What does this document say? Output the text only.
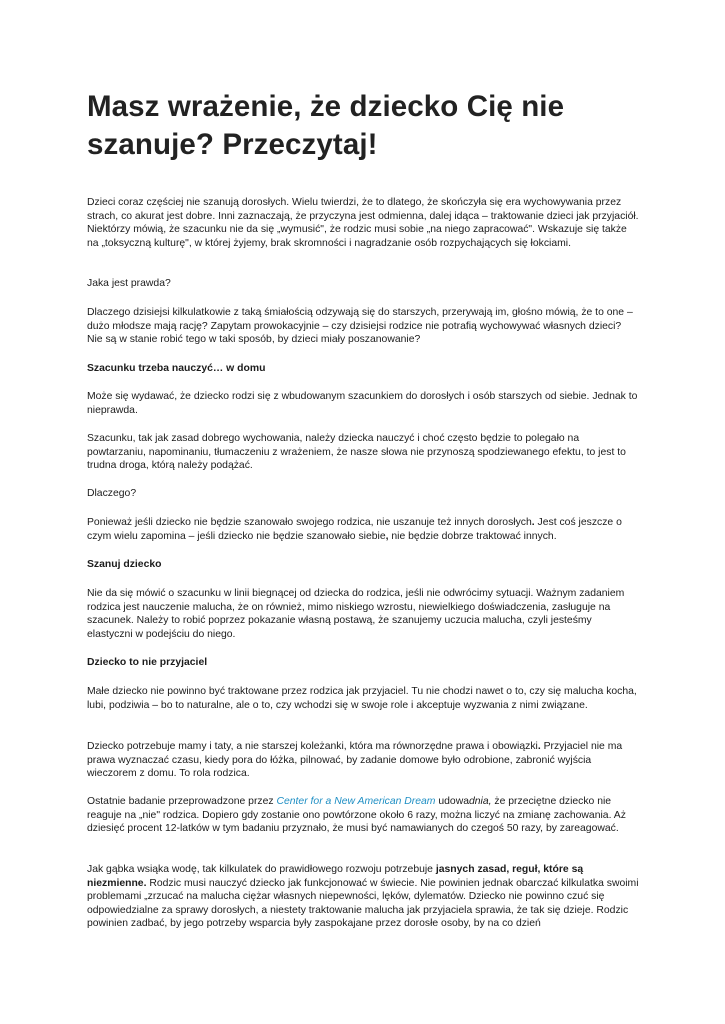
Masz wrażenie, że dziecko Cię nie szanuje? Przeczytaj!

Dzieci coraz częściej nie szanują dorosłych. Wielu twierdzi, że to dlatego, że skończyła się era wychowywania przez strach, co akurat jest dobre. Inni zaznaczają, że przyczyna jest odmienna, dalej idąca – traktowanie dzieci jak przyjaciół. Niektórzy mówią, że szacunku nie da się „wymusić", że rodzic musi sobie „na niego zapracować". Wskazuje się także na „toksyczną kulturę", w której żyjemy, brak skromności i nagradzanie osób rozpychających się łokciami.

Jaka jest prawda?

Dlaczego dzisiejsi kilkulatkowie z taką śmiałością odzywają się do starszych, przerywają im, głośno mówią, że to one – dużo młodsze mają rację? Zapytam prowokacyjnie – czy dzisiejsi rodzice nie potrafią wychowywać własnych dzieci? Nie są w stanie robić tego w taki sposób, by dzieci miały poszanowanie?

Szacunku trzeba nauczyć… w domu

Może się wydawać, że dziecko rodzi się z wbudowanym szacunkiem do dorosłych i osób starszych od siebie. Jednak to nieprawda.

Szacunku, tak jak zasad dobrego wychowania, należy dziecka nauczyć i choć często będzie to polegało na powtarzaniu, napominaniu, tłumaczeniu z wrażeniem, że nasze słowa nie przynoszą spodziewanego efektu, to jest to trudna droga, którą należy podążać.

Dlaczego?

Ponieważ jeśli dziecko nie będzie szanowało swojego rodzica, nie uszanuje też innych dorosłych. Jest coś jeszcze o czym wielu zapomina – jeśli dziecko nie będzie szanowało siebie, nie będzie dobrze traktować innych.

Szanuj dziecko

Nie da się mówić o szacunku w linii biegnącej od dziecka do rodzica, jeśli nie odwrócimy sytuacji. Ważnym zadaniem rodzica jest nauczenie malucha, że on również, mimo niskiego wzrostu, niewielkiego doświadczenia, zasługuje na szacunek. Należy to robić poprzez pokazanie własną postawą, że szanujemy uczucia malucha, czyli jesteśmy elastyczni w podejściu do niego.

Dziecko to nie przyjaciel

Małe dziecko nie powinno być traktowane przez rodzica jak przyjaciel. Tu nie chodzi nawet o to, czy się malucha kocha, lubi, podziwia – bo to naturalne, ale o to, czy wchodzi się w swoje role i akceptuje wyzwania z nimi związane.

Dziecko potrzebuje mamy i taty, a nie starszej koleżanki, która ma równorzędne prawa i obowiązki. Przyjaciel nie ma prawa wyznaczać czasu, kiedy pora do łóżka, pilnować, by zadanie domowe było odrobione, zabronić wyjścia wieczorem z domu. To rola rodzica.

Ostatnie badanie przeprowadzone przez Center for a New American Dream udowadnia, że przeciętne dziecko nie reaguje na „nie" rodzica. Dopiero gdy zostanie ono powtórzone około 6 razy, można liczyć na zmianę zachowania. Aż dziesięć procent 12-latków w tym badaniu przyznało, że musi być namawianych do czegoś 50 razy, by zareagować.

Jak gąbka wsiąka wodę, tak kilkulatek do prawidłowego rozwoju potrzebuje jasnych zasad, reguł, które są niezmienne. Rodzic musi nauczyć dziecko jak funkcjonować w świecie. Nie powinien jednak obarczać kilkulatka swoimi problemami „zrzucać na malucha ciężar własnych niepewności, lęków, dylematów. Dziecko nie powinno czuć się odpowiedzialne za sprawy dorosłych, a niestety traktowanie malucha jak przyjaciela sprawia, że tak się dzieje. Rodzic powinien zadbać, by jego potrzeby wsparcia były zaspokajane przez dorosłe osoby, by na co dzień
